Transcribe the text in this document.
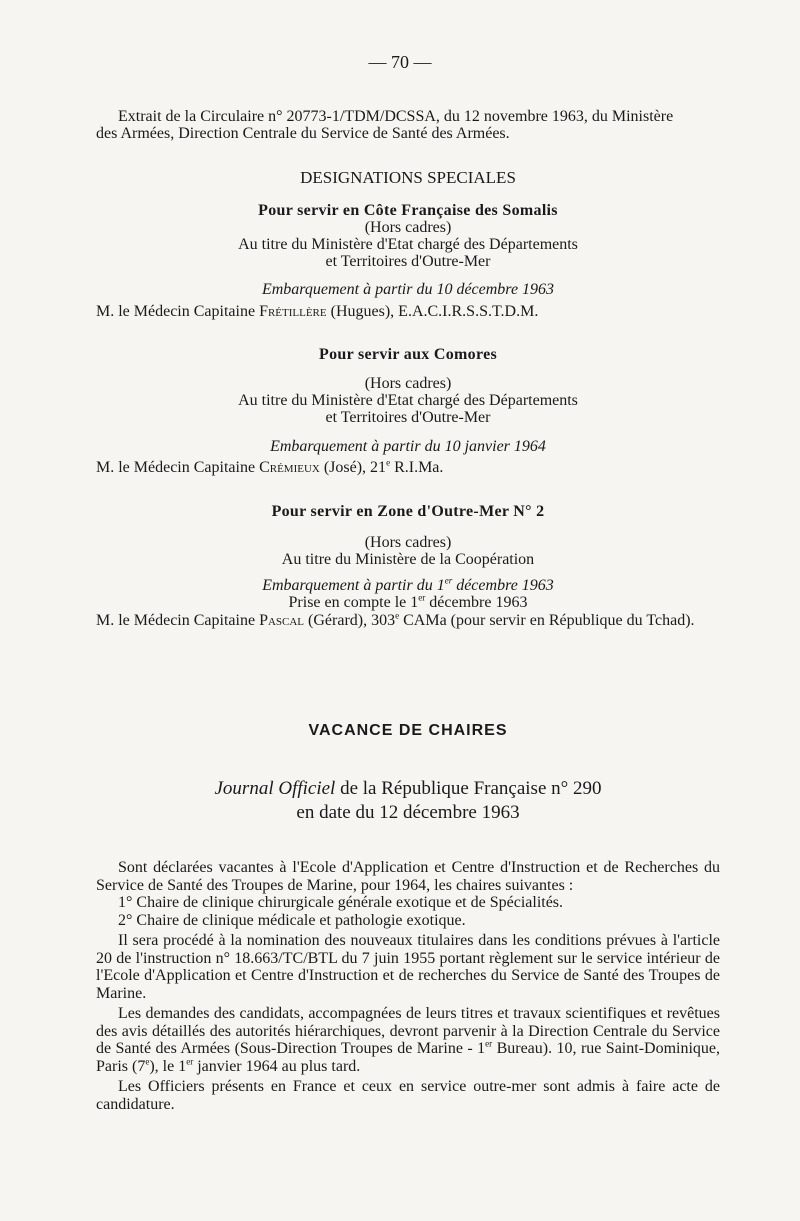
— 70 —
Extrait de la Circulaire n° 20773-1/TDM/DCSSA, du 12 novembre 1963, du Ministère
des Armées, Direction Centrale du Service de Santé des Armées.
DESIGNATIONS SPECIALES
Pour servir en Côte Française des Somalis
(Hors cadres)
Au titre du Ministère d'Etat chargé des Départements
et Territoires d'Outre-Mer
Embarquement à partir du 10 décembre 1963
M. le Médecin Capitaine Frétillère (Hugues), E.A.C.I.R.S.S.T.D.M.
Pour servir aux Comores
(Hors cadres)
Au titre du Ministère d'Etat chargé des Départements
et Territoires d'Outre-Mer
Embarquement à partir du 10 janvier 1964
M. le Médecin Capitaine Crémieux (José), 21e R.I.Ma.
Pour servir en Zone d'Outre-Mer N° 2
(Hors cadres)
Au titre du Ministère de la Coopération
Embarquement à partir du 1er décembre 1963
Prise en compte le 1er décembre 1963
M. le Médecin Capitaine Pascal (Gérard), 303e CAMa (pour servir en République du Tchad).
VACANCE DE CHAIRES
Journal Officiel de la République Française n° 290
en date du 12 décembre 1963
Sont déclarées vacantes à l'Ecole d'Application et Centre d'Instruction et de Recherches du Service de Santé des Troupes de Marine, pour 1964, les chaires suivantes :
1° Chaire de clinique chirurgicale générale exotique et de Spécialités.
2° Chaire de clinique médicale et pathologie exotique.
Il sera procédé à la nomination des nouveaux titulaires dans les conditions prévues à l'article 20 de l'instruction n° 18.663/TC/BTL du 7 juin 1955 portant règlement sur le service intérieur de l'Ecole d'Application et Centre d'Instruction et de recherches du Service de Santé des Troupes de Marine.
Les demandes des candidats, accompagnées de leurs titres et travaux scientifiques et revêtues des avis détaillés des autorités hiérarchiques, devront parvenir à la Direction Centrale du Service de Santé des Armées (Sous-Direction Troupes de Marine - 1er Bureau). 10, rue Saint-Dominique, Paris (7e), le 1er janvier 1964 au plus tard.
Les Officiers présents en France et ceux en service outre-mer sont admis à faire acte de candidature.
